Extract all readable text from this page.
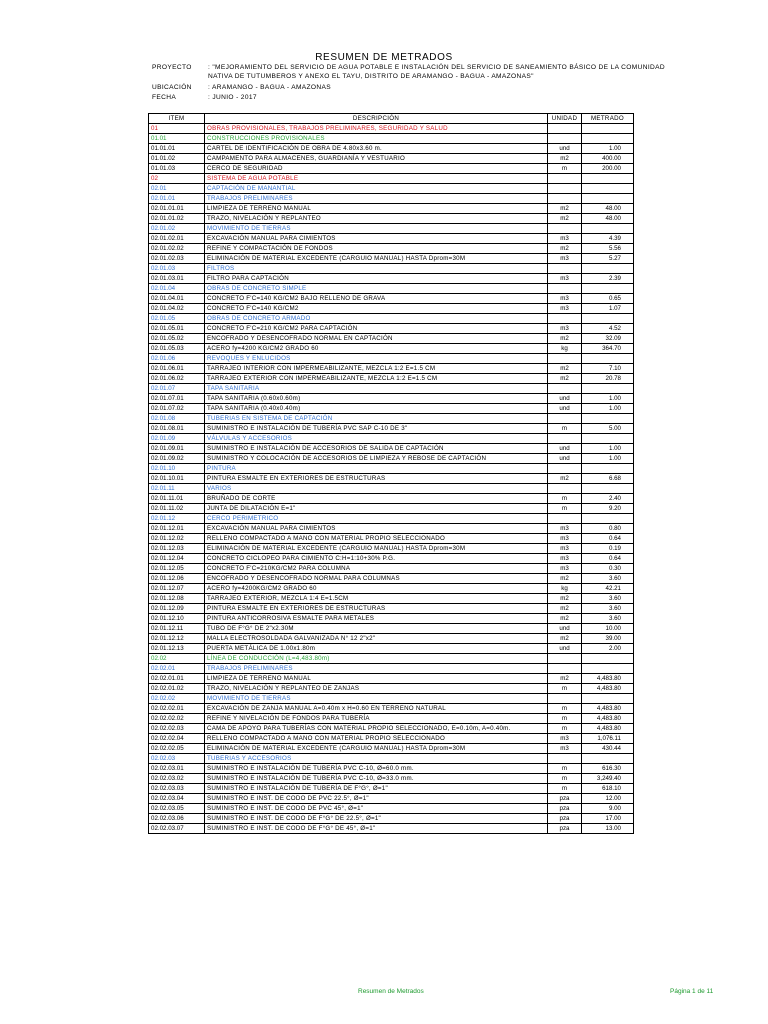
RESUMEN DE METRADOS
PROYECTO	: "MEJORAMIENTO DEL SERVICIO DE AGUA POTABLE E INSTALACIÓN DEL SERVICIO DE SANEAMIENTO BÁSICO DE LA COMUNIDAD NATIVA DE TUTUMBEROS Y ANEXO EL TAYU, DISTRITO DE ARAMANGO - BAGUA - AMAZONAS"
UBICACIÓN	: ARAMANGO - BAGUA - AMAZONAS
FECHA	: JUNIO - 2017
ITEM	DESCRIPCIÓN	UNIDAD	METRADO
01	OBRAS PROVISIONALES, TRABAJOS PRELIMINARES, SEGURIDAD Y SALUD		
01.01	CONSTRUCCIONES PROVISIONALES		
01.01.01	CARTEL DE IDENTIFICACIÓN DE OBRA DE 4.80x3.60 m.	und	1.00
01.01.02	CAMPAMENTO PARA ALMACENES, GUARDIANÍA Y VESTUARIO	m2	400.00
01.01.03	CERCO DE SEGURIDAD	m	200.00
02	SISTEMA DE AGUA POTABLE		
02.01	CAPTACIÓN DE MANANTIAL		
02.01.01	TRABAJOS PRELIMINARES		
02.01.01.01	LIMPIEZA DE TERRENO MANUAL	m2	48.00
02.01.01.02	TRAZO, NIVELACIÓN Y REPLANTEO	m2	48.00
02.01.02	MOVIMIENTO DE TIERRAS		
02.01.02.01	EXCAVACIÓN MANUAL PARA CIMIENTOS	m3	4.39
02.01.02.02	REFINE Y COMPACTACIÓN DE FONDOS	m2	5.56
02.01.02.03	ELIMINACIÓN DE MATERIAL EXCEDENTE (CARGUIO MANUAL) HASTA Dprom=30M	m3	5.27
02.01.03	FILTROS		
02.01.03.01	FILTRO PARA CAPTACIÓN	m3	2.39
02.01.04	OBRAS DE CONCRETO SIMPLE		
02.01.04.01	CONCRETO F'C=140 KG/CM2 BAJO RELLENO DE GRAVA	m3	0.65
02.01.04.02	CONCRETO F'C=140 KG/CM2	m3	1.07
02.01.05	OBRAS DE CONCRETO ARMADO		
02.01.05.01	CONCRETO F'C=210 KG/CM2 PARA CAPTACIÓN	m3	4.52
02.01.05.02	ENCOFRADO Y DESENCOFRADO NORMAL EN CAPTACIÓN	m2	32.09
02.01.05.03	ACERO fy=4200 KG/CM2 GRADO 60	kg	364.70
02.01.06	REVOQUES Y ENLUCIDOS		
02.01.06.01	TARRAJEO INTERIOR CON IMPERMEABILIZANTE, MEZCLA 1:2 E=1.5 CM	m2	7.10
02.01.06.02	TARRAJEO EXTERIOR CON IMPERMEABILIZANTE, MEZCLA 1:2 E=1.5 CM	m2	20.78
02.01.07	TAPA SANITARIA		
02.01.07.01	TAPA SANITARIA (0.60x0.60m)	und	1.00
02.01.07.02	TAPA SANITARIA (0.40x0.40m)	und	1.00
02.01.08	TUBERIAS EN SISTEMA DE CAPTACIÓN		
02.01.08.01	SUMINISTRO E INSTALACIÓN DE TUBERÍA PVC SAP C-10 DE 3"	m	5.00
02.01.09	VÁLVULAS Y ACCESORIOS		
02.01.09.01	SUMINISTRO E INSTALACIÓN DE ACCESORIOS DE SALIDA DE CAPTACIÓN	und	1.00
02.01.09.02	SUMINISTRO Y COLOCACIÓN DE ACCESORIOS DE LIMPIEZA Y REBOSE DE CAPTACIÓN	und	1.00
02.01.10	PINTURA		
02.01.10.01	PINTURA ESMALTE EN EXTERIORES DE ESTRUCTURAS	m2	6.68
02.01.11	VARIOS		
02.01.11.01	BRUÑADO DE CORTE	m	2.40
02.01.11.02	JUNTA DE DILATACIÓN E=1"	m	9.20
02.01.12	CERCO PERIMETRICO		
02.01.12.01	EXCAVACIÓN MANUAL PARA CIMIENTOS	m3	0.80
02.01.12.02	RELLENO COMPACTADO A MANO CON MATERIAL PROPIO SELECCIONADO	m3	0.64
02.01.12.03	ELIMINACIÓN DE MATERIAL EXCEDENTE (CARGUIO MANUAL) HASTA Dprom=30M	m3	0.19
02.01.12.04	CONCRETO CICLOPEO PARA CIMIENTO C:H=1:10+30% P.G.	m3	0.64
02.01.12.05	CONCRETO F'C=210KG/CM2 PARA COLUMNA	m3	0.30
02.01.12.06	ENCOFRADO Y DESENCOFRADO NORMAL PARA COLUMNAS	m2	3.60
02.01.12.07	ACERO fy=4200KG/CM2 GRADO 60	kg	42.21
02.01.12.08	TARRAJEO EXTERIOR, MEZCLA 1:4 E=1.5CM	m2	3.60
02.01.12.09	PINTURA ESMALTE EN EXTERIORES DE ESTRUCTURAS	m2	3.60
02.01.12.10	PINTURA ANTICORROSIVA ESMALTE PARA METALES	m2	3.60
02.01.12.11	TUBO DE F°G° DE 2"x2.30M	und	10.00
02.01.12.12	MALLA ELECTROSOLDADA GALVANIZADA N° 12 2"x2"	m2	39.00
02.01.12.13	PUERTA METÁLICA DE 1.00x1.80m	und	2.00
02.02	LÍNEA DE CONDUCCIÓN (L=4,483.80m)		
02.02.01	TRABAJOS PRELIMINARES		
02.02.01.01	LIMPIEZA DE TERRENO MANUAL	m2	4,483.80
02.02.01.02	TRAZO, NIVELACIÓN Y REPLANTEO DE ZANJAS	m	4,483.80
02.02.02	MOVIMIENTO DE TIERRAS		
02.02.02.01	EXCAVACIÓN DE ZANJA MANUAL A=0.40m x H=0.60 EN TERRENO NATURAL	m	4,483.80
02.02.02.02	REFINE Y NIVELACIÓN DE FONDOS PARA TUBERÍA	m	4,483.80
02.02.02.03	CAMA DE APOYO PARA TUBERÍAS CON MATERIAL PROPIO SELECCIONADO, E=0.10m, A=0.40m.	m	4,483.80
02.02.02.04	RELLENO COMPACTADO A MANO CON MATERIAL PROPIO SELECCIONADO	m3	1,076.11
02.02.02.05	ELIMINACIÓN DE MATERIAL EXCEDENTE (CARGUIO MANUAL) HASTA Dprom=30M	m3	430.44
02.02.03	TUBERIAS Y ACCESORIOS		
02.02.03.01	SUMINISTRO E INSTALACIÓN DE TUBERÍA PVC C-10, Ø=60.0 mm.	m	616.30
02.02.03.02	SUMINISTRO E INSTALACIÓN DE TUBERÍA PVC C-10, Ø=33.0 mm.	m	3,249.40
02.02.03.03	SUMINISTRO E INSTALACIÓN DE TUBERÍA DE F°G°, Ø=1"	m	618.10
02.02.03.04	SUMINISTRO E INST. DE CODO DE PVC 22.5°, Ø=1"	pza	12.00
02.02.03.05	SUMINISTRO E INST. DE CODO DE PVC 45°, Ø=1"	pza	9.00
02.02.03.06	SUMINISTRO E INST. DE CODO DE F°G° DE 22.5°, Ø=1"	pza	17.00
02.02.03.07	SUMINISTRO E INST. DE CODO DE F°G° DE 45°, Ø=1"	pza	13.00
Resumen de Metrados	Página 1 de 11
